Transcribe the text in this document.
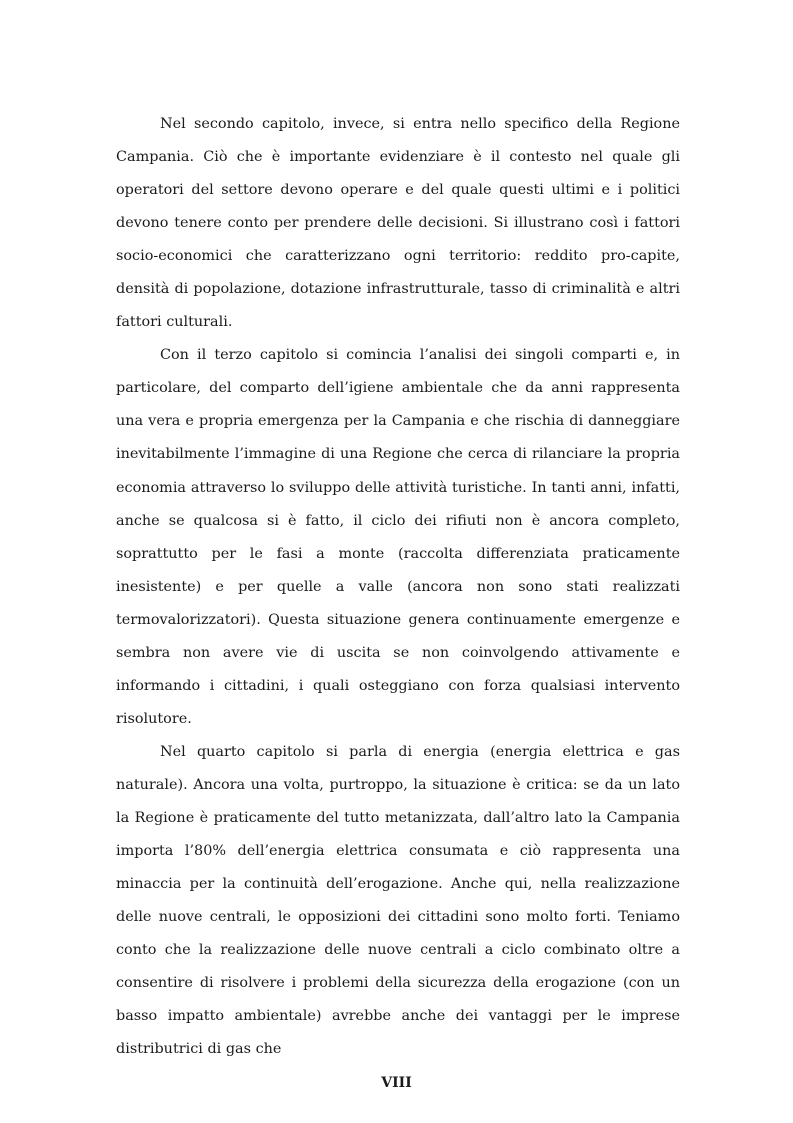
Nel secondo capitolo, invece, si entra nello specifico della Regione Campania. Ciò che è importante evidenziare è il contesto nel quale gli operatori del settore devono operare e del quale questi ultimi e i politici devono tenere conto per prendere delle decisioni. Si illustrano così i fattori socio-economici che caratterizzano ogni territorio: reddito pro-capite, densità di popolazione, dotazione infrastrutturale, tasso di criminalità e altri fattori culturali.

Con il terzo capitolo si comincia l’analisi dei singoli comparti e, in particolare, del comparto dell’igiene ambientale che da anni rappresenta una vera e propria emergenza per la Campania e che rischia di danneggiare inevitabilmente l’immagine di una Regione che cerca di rilanciare la propria economia attraverso lo sviluppo delle attività turistiche. In tanti anni, infatti, anche se qualcosa si è fatto, il ciclo dei rifiuti non è ancora completo, soprattutto per le fasi a monte (raccolta differenziata praticamente inesistente) e per quelle a valle (ancora non sono stati realizzati termovalorizzatori). Questa situazione genera continuamente emergenze e sembra non avere vie di uscita se non coinvolgendo attivamente e informando i cittadini, i quali osteggiano con forza qualsiasi intervento risolutore.

Nel quarto capitolo si parla di energia (energia elettrica e gas naturale). Ancora una volta, purtroppo, la situazione è critica: se da un lato la Regione è praticamente del tutto metanizzata, dall’altro lato la Campania importa l’80% dell’energia elettrica consumata e ciò rappresenta una minaccia per la continuità dell’erogazione. Anche qui, nella realizzazione delle nuove centrali, le opposizioni dei cittadini sono molto forti. Teniamo conto che la realizzazione delle nuove centrali a ciclo combinato oltre a consentire di risolvere i problemi della sicurezza della erogazione (con un basso impatto ambientale) avrebbe anche dei vantaggi per le imprese distributrici di gas che

VIII
